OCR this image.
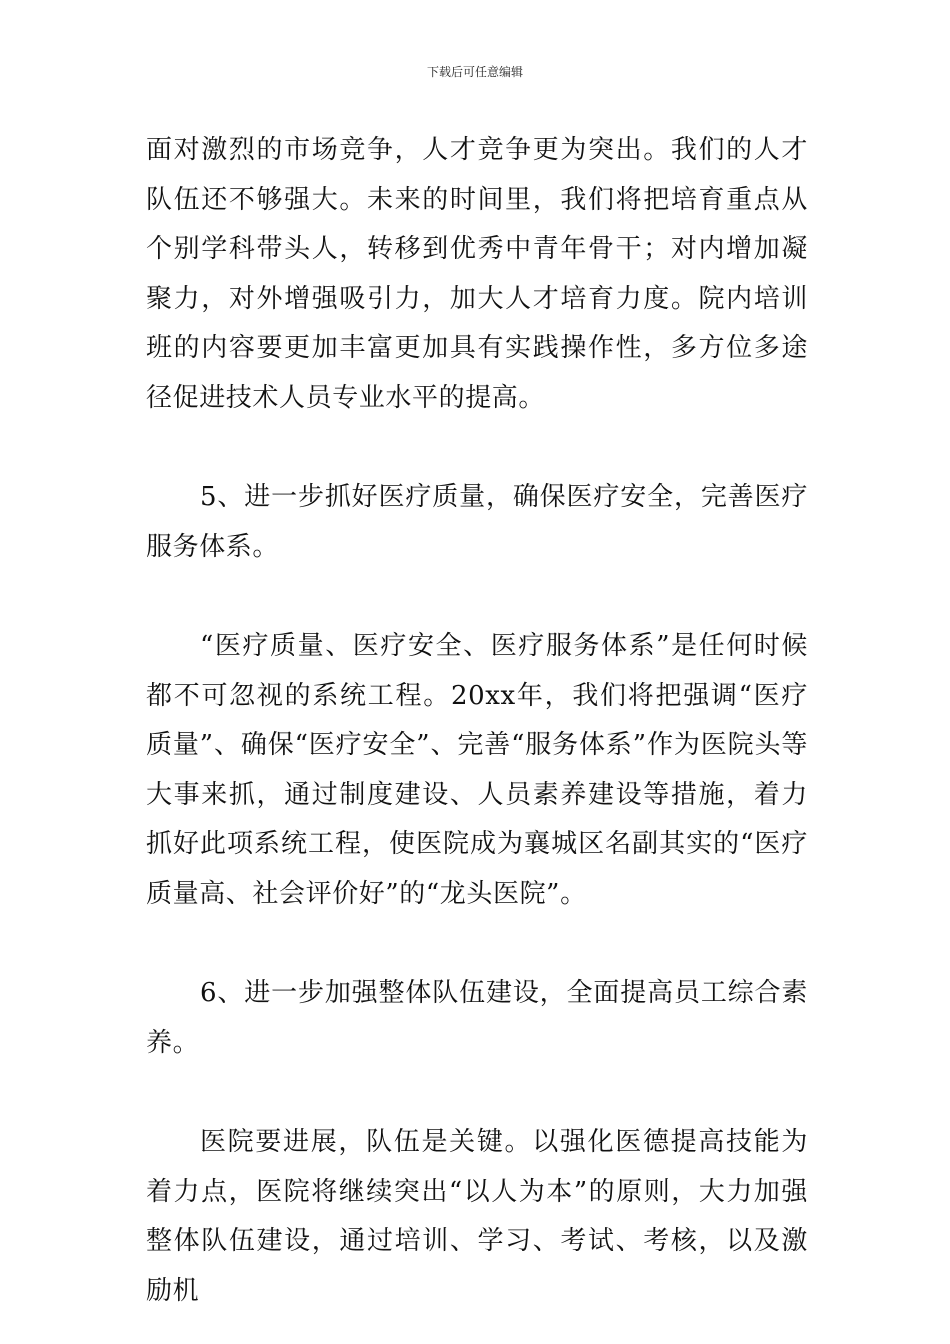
下载后可任意编辑

面对激烈的市场竞争，人才竞争更为突出。我们的人才队伍还不够强大。未来的时间里，我们将把培育重点从个别学科带头人，转移到优秀中青年骨干；对内增加凝聚力，对外增强吸引力，加大人才培育力度。院内培训班的内容要更加丰富更加具有实践操作性，多方位多途径促进技术人员专业水平的提高。

5、进一步抓好医疗质量，确保医疗安全，完善医疗服务体系。

“医疗质量、医疗安全、医疗服务体系”是任何时候都不可忽视的系统工程。20xx年，我们将把强调“医疗质量”、确保“医疗安全”、完善“服务体系”作为医院头等大事来抓，通过制度建设、人员素养建设等措施，着力抓好此项系统工程，使医院成为襄城区名副其实的“医疗质量高、社会评价好”的“龙头医院”。

6、进一步加强整体队伍建设，全面提高员工综合素养。

医院要进展，队伍是关键。以强化医德提高技能为着力点，医院将继续突出“以人为本”的原则，大力加强整体队伍建设，通过培训、学习、考试、考核，以及激励机
